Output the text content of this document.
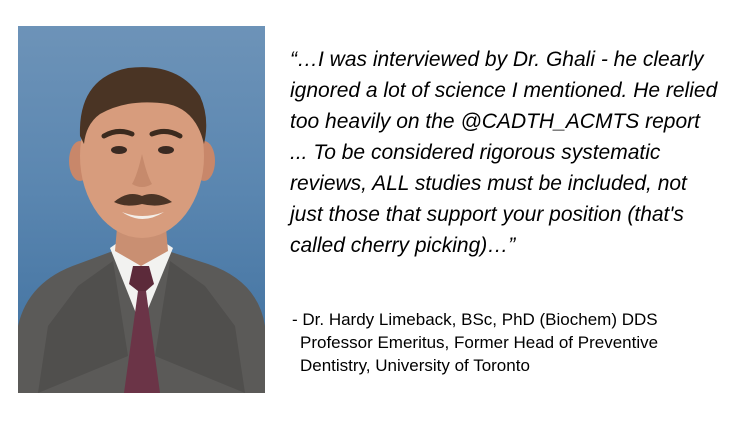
“…I was interviewed by Dr. Ghali - he clearly ignored a lot of science I mentioned. He relied too heavily on the @CADTH_ACMTS report ... To be considered rigorous systematic reviews, ALL studies must be included, not just those that support your position (that's called cherry picking)…”

- Dr. Hardy Limeback, BSc, PhD (Biochem) DDS
Professor Emeritus, Former Head of Preventive
Dentistry, University of Toronto
